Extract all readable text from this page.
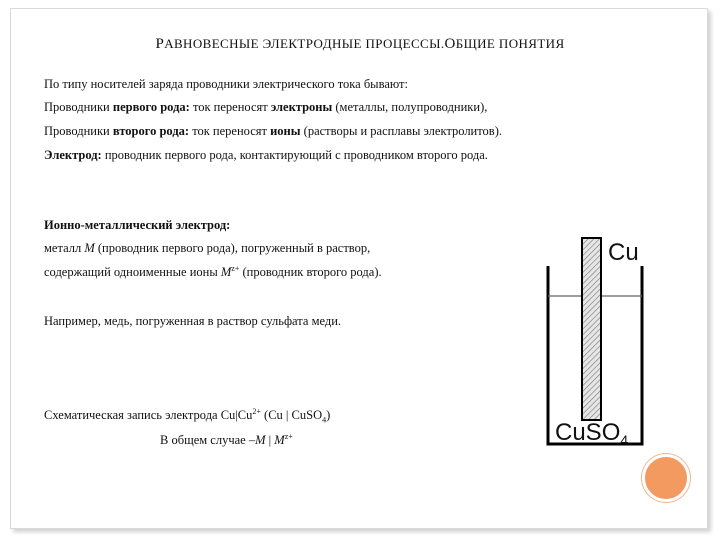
РАВНОВЕСНЫЕ ЭЛЕКТРОДНЫЕ ПРОЦЕССЫ.ОБЩИЕ ПОНЯТИЯ
По типу носителей заряда проводники электрического тока бывают:
Проводники первого рода: ток переносят электроны (металлы, полупроводники),
Проводники второго рода: ток переносят ионы (растворы и расплавы электролитов).
Электрод: проводник первого рода, контактирующий с проводником второго рода.
Ионно-металлический электрод:
металл M (проводник первого рода), погруженный в раствор,
содержащий одноименные ионы $M^{z+}$ (проводник второго рода).
Например, медь, погруженная в раствор сульфата меди.
Схематическая запись электрода $Cu|Cu^{2+}$ (Cu | CuSO$_4$)
В общем случае –M | $M^{z+}$
Cu
CuSO$_4$
